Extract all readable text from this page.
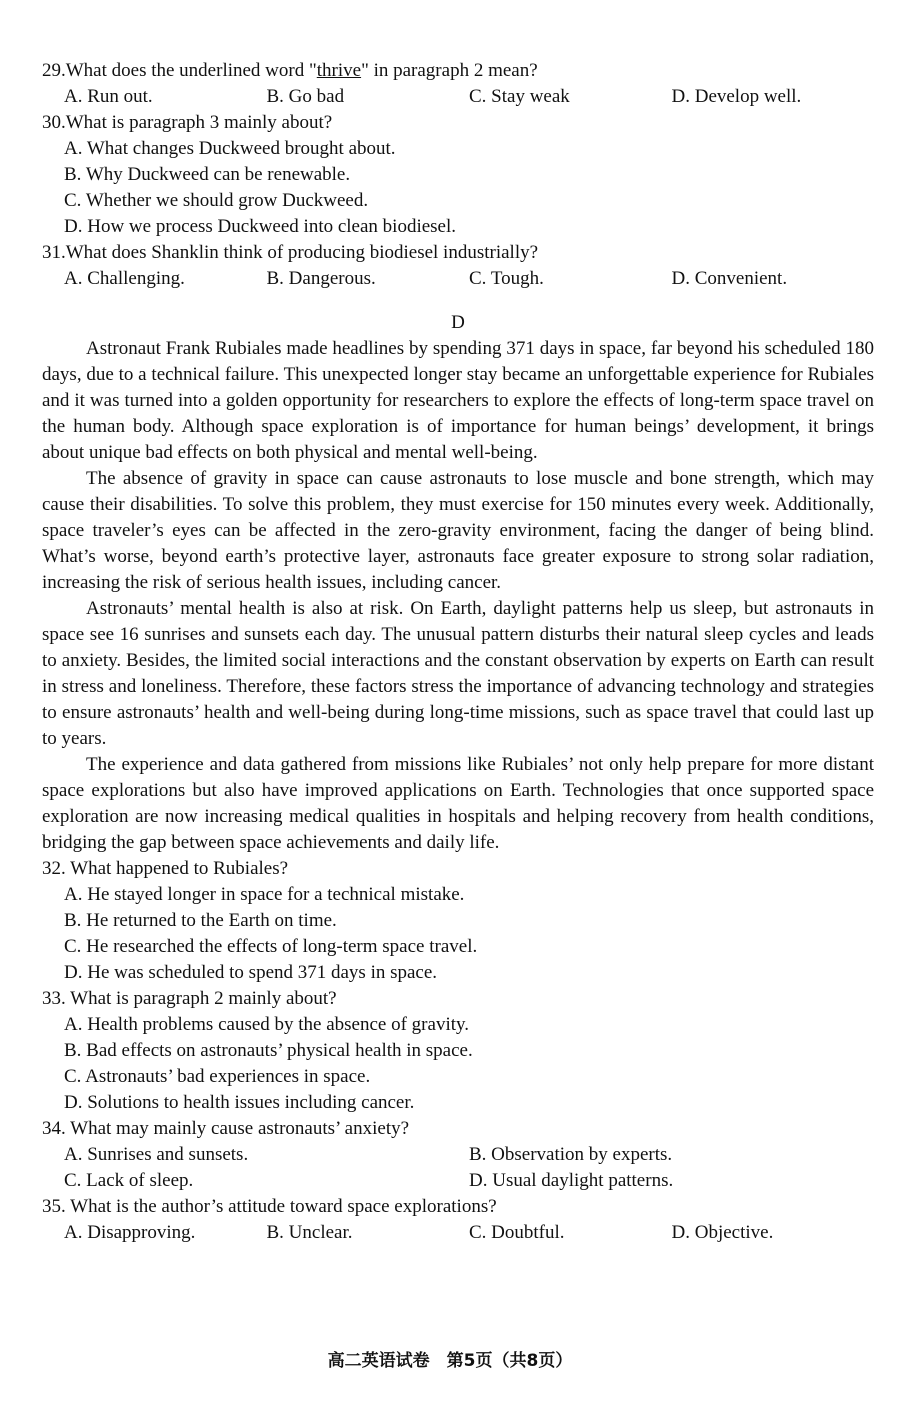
29.What does the underlined word "thrive" in paragraph 2 mean?
A. Run out.	B. Go bad	C. Stay weak	D. Develop well.
30.What is paragraph 3 mainly about?
A. What changes Duckweed brought about.
B. Why Duckweed can be renewable.
C. Whether we should grow Duckweed.
D. How we process Duckweed into clean biodiesel.
31.What does Shanklin think of producing biodiesel industrially?
A. Challenging.	B. Dangerous.	C. Tough.	D. Convenient.
D

Astronaut Frank Rubiales made headlines by spending 371 days in space, far beyond his scheduled 180 days, due to a technical failure. This unexpected longer stay became an unforgettable experience for Rubiales and it was turned into a golden opportunity for researchers to explore the effects of long-term space travel on the human body. Although space exploration is of importance for human beings’ development, it brings about unique bad effects on both physical and mental well-being.

The absence of gravity in space can cause astronauts to lose muscle and bone strength, which may cause their disabilities. To solve this problem, they must exercise for 150 minutes every week. Additionally, space traveler’s eyes can be affected in the zero-gravity environment, facing the danger of being blind. What’s worse, beyond earth’s protective layer, astronauts face greater exposure to strong solar radiation, increasing the risk of serious health issues, including cancer.

Astronauts’ mental health is also at risk. On Earth, daylight patterns help us sleep, but astronauts in space see 16 sunrises and sunsets each day. The unusual pattern disturbs their natural sleep cycles and leads to anxiety. Besides, the limited social interactions and the constant observation by experts on Earth can result in stress and loneliness. Therefore, these factors stress the importance of advancing technology and strategies to ensure astronauts’ health and well-being during long-time missions, such as space travel that could last up to years.

The experience and data gathered from missions like Rubiales’ not only help prepare for more distant space explorations but also have improved applications on Earth. Technologies that once supported space exploration are now increasing medical qualities in hospitals and helping recovery from health conditions, bridging the gap between space achievements and daily life.

32. What happened to Rubiales?
A. He stayed longer in space for a technical mistake.
B. He returned to the Earth on time.
C. He researched the effects of long-term space travel.
D. He was scheduled to spend 371 days in space.
33. What is paragraph 2 mainly about?
A. Health problems caused by the absence of gravity.
B. Bad effects on astronauts’ physical health in space.
C. Astronauts’ bad experiences in space.
D. Solutions to health issues including cancer.
34. What may mainly cause astronauts’ anxiety?
A. Sunrises and sunsets.	B. Observation by experts.
C. Lack of sleep.	D. Usual daylight patterns.
35. What is the author’s attitude toward space explorations?
A. Disapproving.	B. Unclear.	C. Doubtful.	D. Objective.
高二英语试卷　第5页（共8页）
